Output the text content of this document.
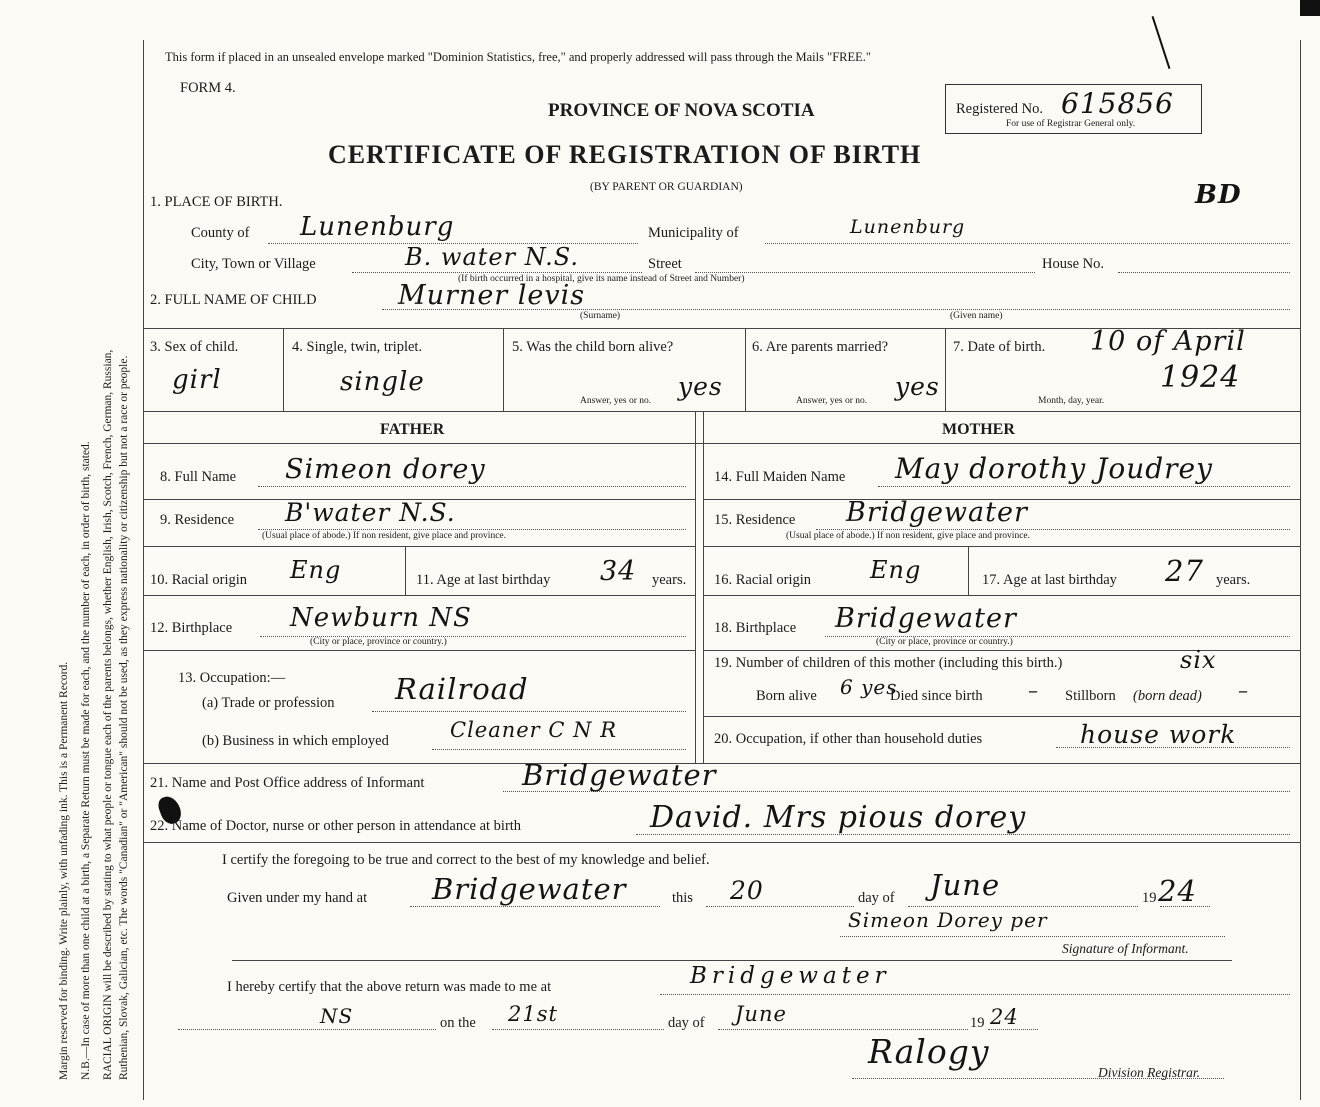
Margin reserved for binding. Write plainly, with unfading ink. This is a Permanent Record. N.B.—In case of more than one child at a birth, a Separate Return must be made for each, and the number of each, in order of birth, stated. RACIAL ORIGIN will be described by stating to what people or tongue each of the parents belongs, whether English, Irish, Scotch, French, German, Russian, Ruthenian, Slovak, Galician, etc. The words "Canadian" or "American" should not be used, as they express nationality or citizenship but not a race or people.
This form if placed in an unsealed envelope marked "Dominion Statistics, free," and properly addressed will pass through the Mails "FREE."
FORM 4.
PROVINCE OF NOVA SCOTIA	Registered No. 615856
For use of Registrar General only.
CERTIFICATE OF REGISTRATION OF BIRTH
(BY PARENT OR GUARDIAN)	BD
1. PLACE OF BIRTH.
County of Lunenburg	Municipality of	Lunenburg
City, Town or Village	B. water N.S.	Street	House No.
(If birth occurred in a hospital, give its name instead of Street and Number)
2. FULL NAME OF CHILD	Murner levis
(Surname)	(Given name)
3. Sex of child.
girl
4. Single, twin, triplet.
single
5. Was the child born alive?
yes
Answer, yes or no.
6. Are parents married?
yes
Answer, yes or no.
7. Date of birth. 10 of April
1924
Month, day, year.
FATHER	MOTHER
8. Full Name Simeon dorey
9. Residence B'water N.S.
(Usual place of abode.) If non resident, give place and province.
10. Racial origin Eng	11. Age at last birthday 34 years.
12. Birthplace Newburn NS
(City or place, province or country.)
13. Occupation:—
(a) Trade or profession Railroad
(b) Business in which employed	Cleaner C N R
14. Full Maiden Name May dorothy Joudrey
15. Residence Bridgewater
(Usual place of abode.) If non resident, give place and province.
16. Racial origin Eng	17. Age at last birthday 27 years.
18. Birthplace Bridgewater
(City or place, province or country.)
19. Number of children of this mother (including this birth.)	six
Born alive 6 yes
Died since birth – Stillborn (born dead) –
20. Occupation, if other than household duties	house work
21. Name and Post Office address of Informant	Bridgewater
22. Name of Doctor, nurse or other person in attendance at birth	David. Mrs pious dorey
I certify the foregoing to be true and correct to the best of my knowledge and belief.
Given under my hand at Bridgewater	this 20	day of June	19 24
Simeon Dorey per
Signature of Informant.
I hereby certify that the above return was made to me at	Bridgewater
NS	on the 21st	day of June	19 24
Ralogy
Division Registrar.
